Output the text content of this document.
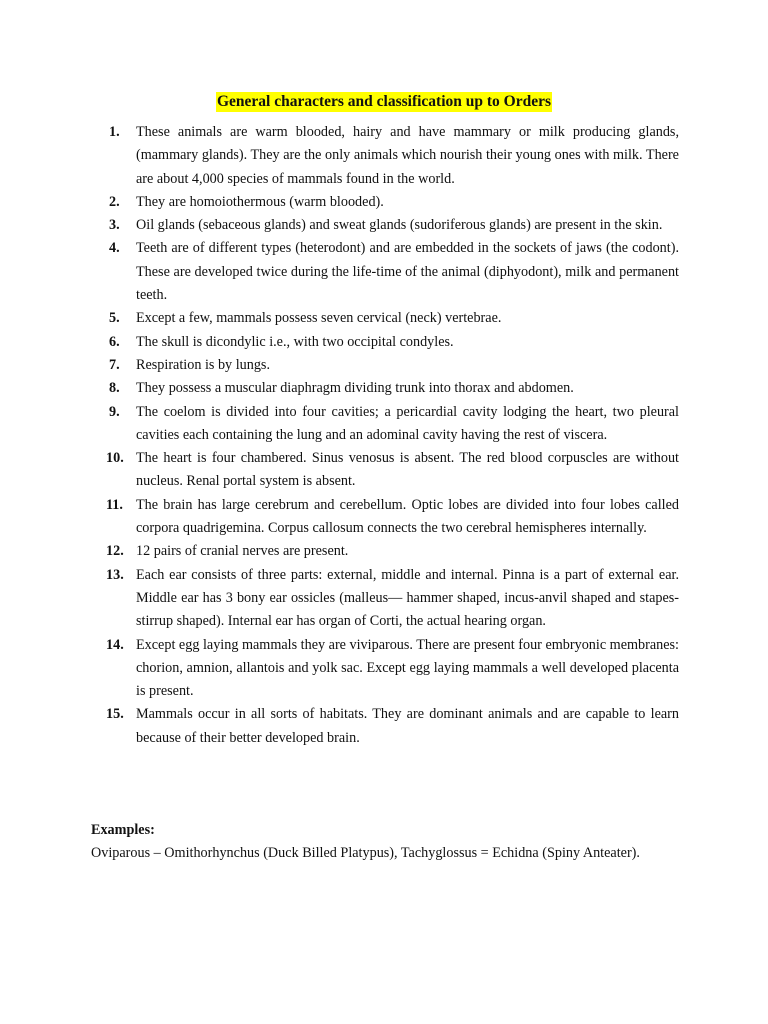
General characters and classification up to Orders
1. These animals are warm blooded, hairy and have mammary or milk producing glands, (mammary glands). They are the only animals which nourish their young ones with milk. There are about 4,000 species of mammals found in the world.
2. They are homoiothermous (warm blooded).
3. Oil glands (sebaceous glands) and sweat glands (sudoriferous glands) are present in the skin.
4. Teeth are of different types (heterodont) and are embedded in the sockets of jaws (the codont). These are developed twice during the life-time of the animal (diphyodont), milk and permanent teeth.
5. Except a few, mammals possess seven cervical (neck) vertebrae.
6. The skull is dicondylic i.e., with two occipital condyles.
7. Respiration is by lungs.
8. They possess a muscular diaphragm dividing trunk into thorax and abdomen.
9. The coelom is divided into four cavities; a pericardial cavity lodging the heart, two pleural cavities each containing the lung and an adominal cavity having the rest of viscera.
10. The heart is four chambered. Sinus venosus is absent. The red blood corpuscles are without nucleus. Renal portal system is absent.
11. The brain has large cerebrum and cerebellum. Optic lobes are divided into four lobes called corpora quadrigemina. Corpus callosum connects the two cerebral hemispheres internally.
12. 12 pairs of cranial nerves are present.
13. Each ear consists of three parts: external, middle and internal. Pinna is a part of external ear. Middle ear has 3 bony ear ossicles (malleus— hammer shaped, incus-anvil shaped and stapes-stirrup shaped). Internal ear has organ of Corti, the actual hearing organ.
14. Except egg laying mammals they are viviparous. There are present four embryonic membranes: chorion, amnion, allantois and yolk sac. Except egg laying mammals a well developed placenta is present.
15. Mammals occur in all sorts of habitats. They are dominant animals and are capable to learn because of their better developed brain.
Examples:
Oviparous – Omithorhynchus (Duck Billed Platypus), Tachyglossus = Echidna (Spiny Anteater).
